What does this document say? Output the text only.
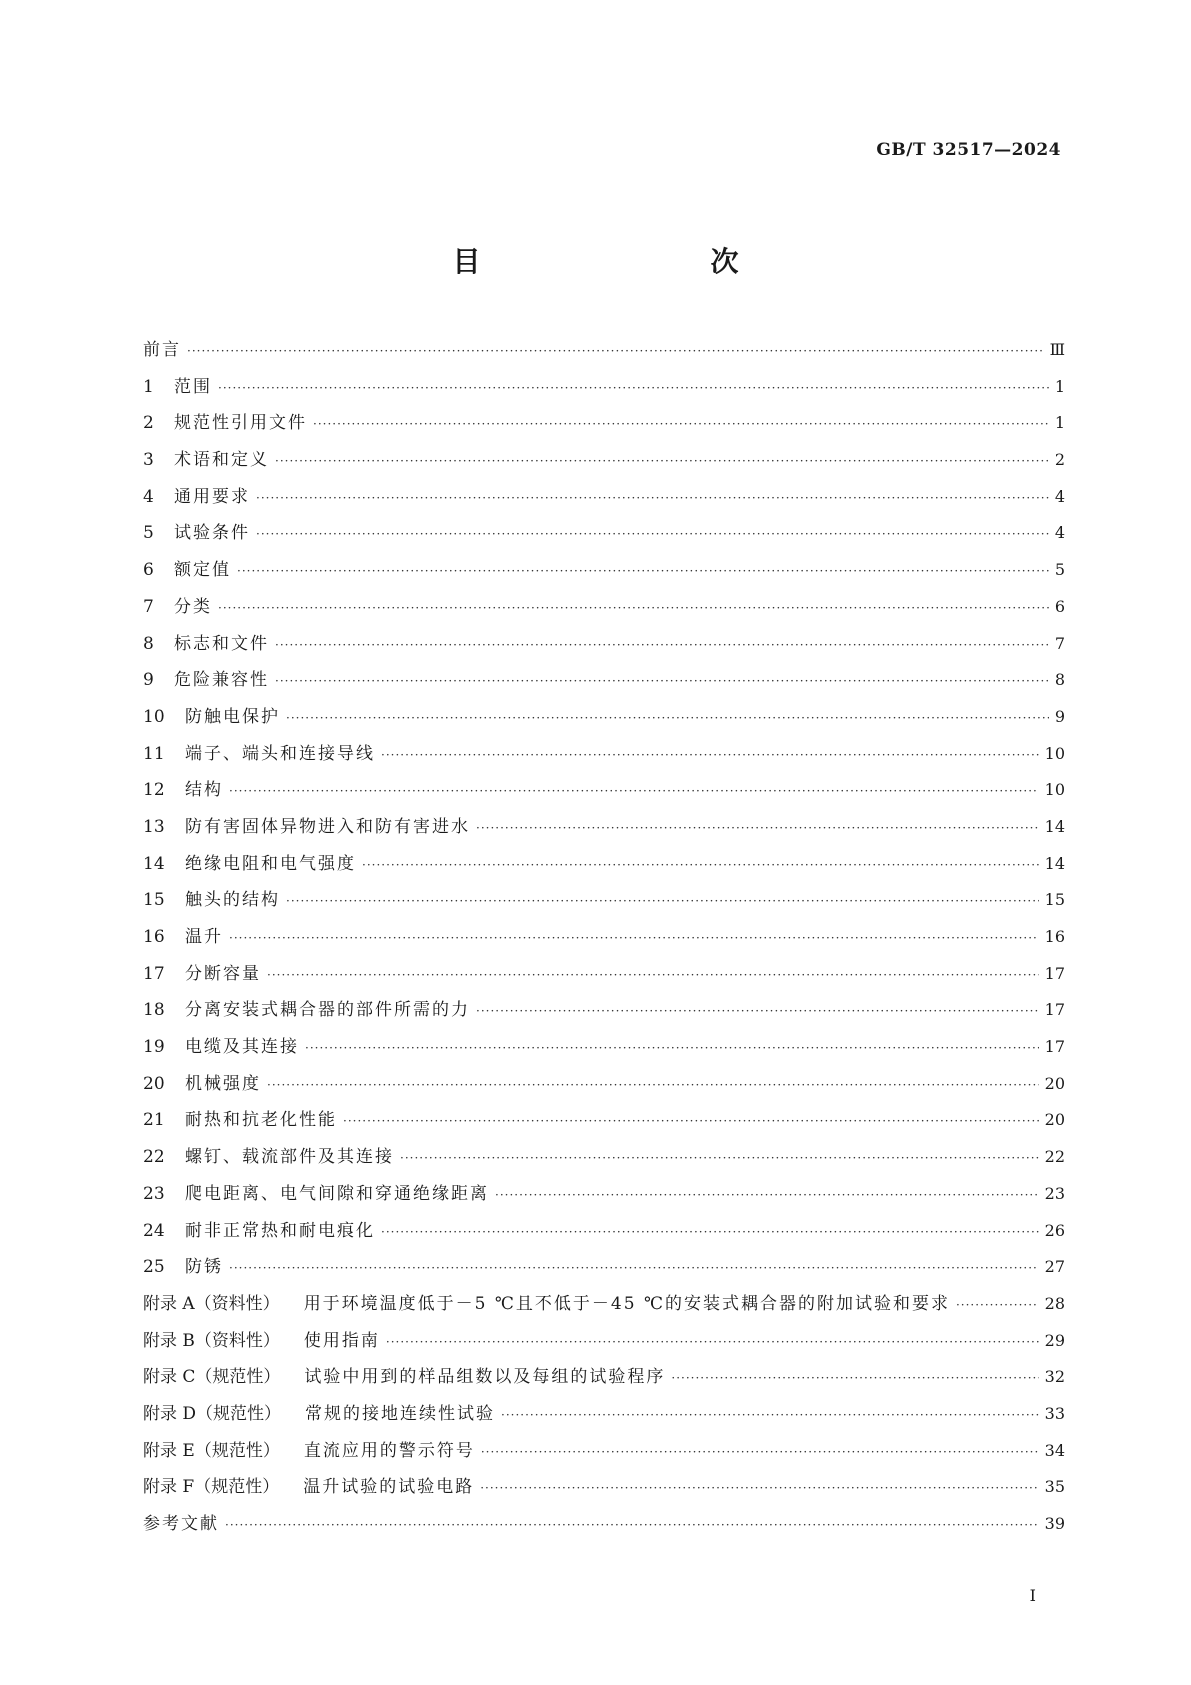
GB/T 32517—2024
目　　次
前言 ·····	Ⅲ
1	范围 ·····	1
2	规范性引用文件 ·····	1
3	术语和定义 ·····	2
4	通用要求 ·····	4
5	试验条件 ·····	4
6	额定值 ·····	5
7	分类 ·····	6
8	标志和文件 ·····	7
9	危险兼容性 ·····	8
10	防触电保护 ·····	9
11	端子、端头和连接导线 ·····	10
12	结构 ·····	10
13	防有害固体异物进入和防有害进水 ·····	14
14	绝缘电阻和电气强度 ·····	14
15	触头的结构 ·····	15
16	温升 ·····	16
17	分断容量 ·····	17
18	分离安装式耦合器的部件所需的力 ·····	17
19	电缆及其连接 ·····	17
20	机械强度 ·····	20
21	耐热和抗老化性能 ·····	20
22	螺钉、载流部件及其连接 ·····	22
23	爬电距离、电气间隙和穿通绝缘距离 ·····	23
24	耐非正常热和耐电痕化 ·····	26
25	防锈 ·····	27
附录 A（资料性）	用于环境温度低于－5 ℃且不低于－45 ℃的安装式耦合器的附加试验和要求 ·····	28
附录 B（资料性）	使用指南 ·····	29
附录 C（规范性）	试验中用到的样品组数以及每组的试验程序 ·····	32
附录 D（规范性）	常规的接地连续性试验 ·····	33
附录 E（规范性）	直流应用的警示符号 ·····	34
附录 F（规范性）	温升试验的试验电路 ·····	35
参考文献 ·····	39
Ⅰ
